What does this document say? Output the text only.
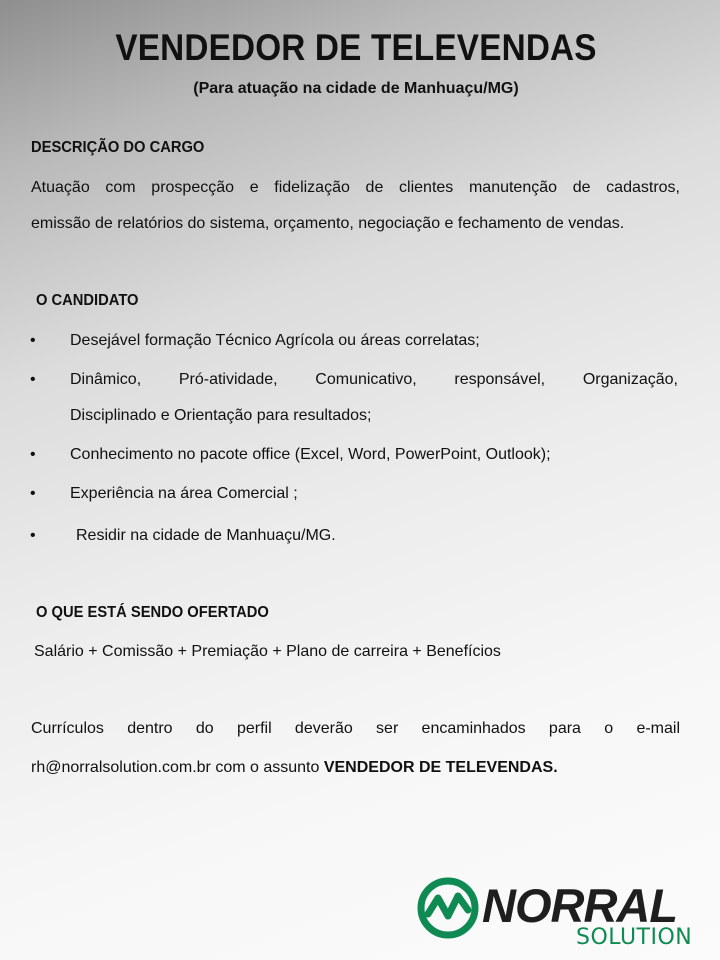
VENDEDOR DE TELEVENDAS
(Para atuação na cidade de Manhuaçu/MG)
DESCRIÇÃO DO CARGO
Atuação com prospecção e fidelização de clientes manutenção de cadastros,
emissão de relatórios do sistema, orçamento, negociação e fechamento de vendas.
O CANDIDATO
• Desejável formação Técnico Agrícola ou áreas correlatas;
• Dinâmico, Pró-atividade, Comunicativo, responsável, Organização,
Disciplinado e Orientação para resultados;
• Conhecimento no pacote office (Excel, Word, PowerPoint, Outlook);
• Experiência na área Comercial ;
•	Residir na cidade de Manhuaçu/MG.
O QUE ESTÁ SENDO OFERTADO
Salário + Comissão + Premiação + Plano de carreira + Benefícios
Currículos dentro do perfil deverão ser encaminhados para o e-mail
rh@norralsolution.com.br com o assunto VENDEDOR DE TELEVENDAS.
NORRAL
SOLUTION
